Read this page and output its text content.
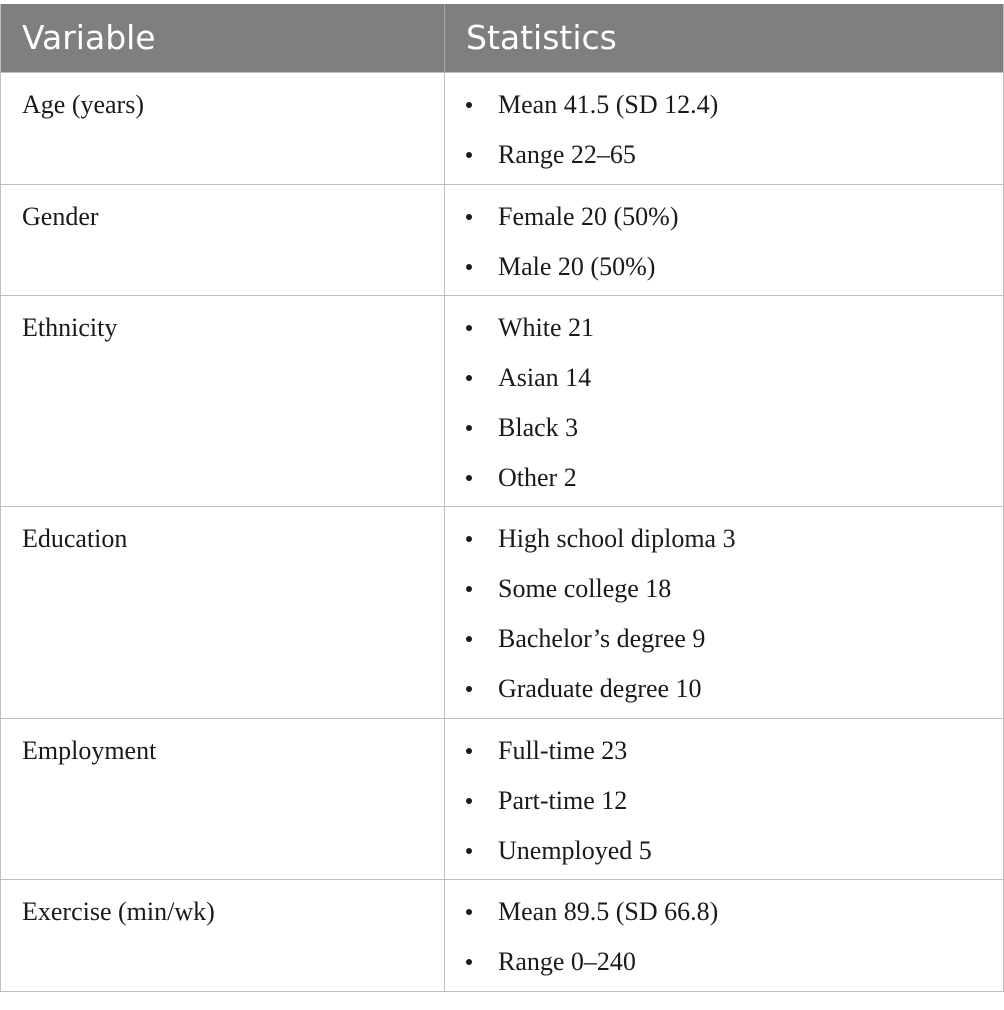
Variable	Statistics
Age (years)	Mean 41.5 (SD 12.4)
Range 22–65
Gender	Female 20 (50%)
Male 20 (50%)
Ethnicity	White 21
Asian 14
Black 3
Other 2
Education	High school diploma 3
Some college 18
Bachelor’s degree 9
Graduate degree 10
Employment	Full-time 23
Part-time 12
Unemployed 5
Exercise (min/wk)	Mean 89.5 (SD 66.8)
Range 0–240
